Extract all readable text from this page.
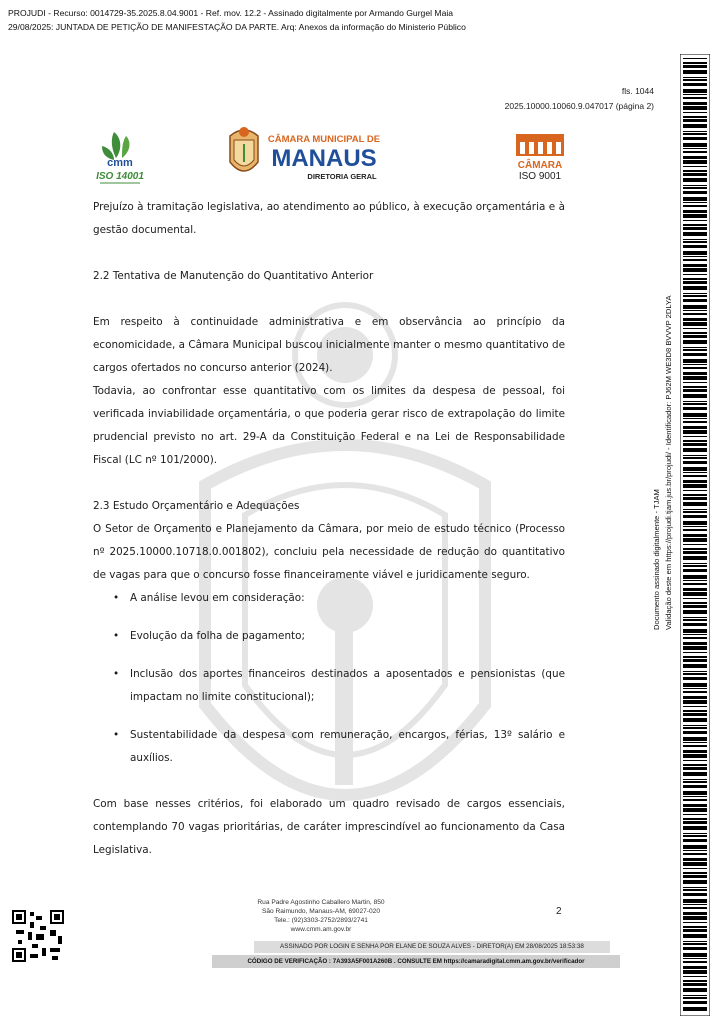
PROJUDI - Recurso: 0014729-35.2025.8.04.9001 - Ref. mov. 12.2 - Assinado digitalmente por Armando Gurgel Maia
29/08/2025: JUNTADA DE PETIÇÃO DE MANIFESTAÇÃO DA PARTE. Arq: Anexos da informação do Ministerio Público
fls. 1044
2025.10000.10060.9.047017 (página 2)
cmm
ISO 14001
CÂMARA MUNICIPAL DE
MANAUS
DIRETORIA GERAL
CÂMARA
ISO 9001

Prejuízo à tramitação legislativa, ao atendimento ao público, à execução orçamentária e à gestão documental.

2.2 Tentativa de Manutenção do Quantitativo Anterior

Em respeito à continuidade administrativa e em observância ao princípio da economicidade, a Câmara Municipal buscou inicialmente manter o mesmo quantitativo de cargos ofertados no concurso anterior (2024).

Todavia, ao confrontar esse quantitativo com os limites da despesa de pessoal, foi verificada inviabilidade orçamentária, o que poderia gerar risco de extrapolação do limite prudencial previsto no art. 29-A da Constituição Federal e na Lei de Responsabilidade Fiscal (LC nº 101/2000).

2.3 Estudo Orçamentário e Adequações

O Setor de Orçamento e Planejamento da Câmara, por meio de estudo técnico (Processo nº 2025.10000.10718.0.001802), concluiu pela necessidade de redução do quantitativo de vagas para que o concurso fosse financeiramente viável e juridicamente seguro.

• A análise levou em consideração:
• Evolução da folha de pagamento;
• Inclusão dos aportes financeiros destinados a aposentados e pensionistas (que impactam no limite constitucional);
• Sustentabilidade da despesa com remuneração, encargos, férias, 13º salário e auxílios.

Com base nesses critérios, foi elaborado um quadro revisado de cargos essenciais, contemplando 70 vagas prioritárias, de caráter imprescindível ao funcionamento da Casa Legislativa.

Rua Padre Agostinho Caballero Martin, 850
São Raimundo, Manaus-AM, 69027-020
Tele.: (92)3303-2752/2893/2741
www.cmm.am.gov.br
2
ASSINADO POR LOGIN E SENHA POR ELANE DE SOUZA ALVES - DIRETOR(A) EM 28/08/2025 18:53:38
CÓDIGO DE VERIFICAÇÃO : 7A393A5F001A260B . CONSULTE EM https://camaradigital.cmm.am.gov.br/verificador
Documento assinado digitalmente - TJAM Validação deste em https://projudi.tjam.jus.br/projudi/ - Identificador: PJ62M WE3D8 BVVVP 2DLYA
